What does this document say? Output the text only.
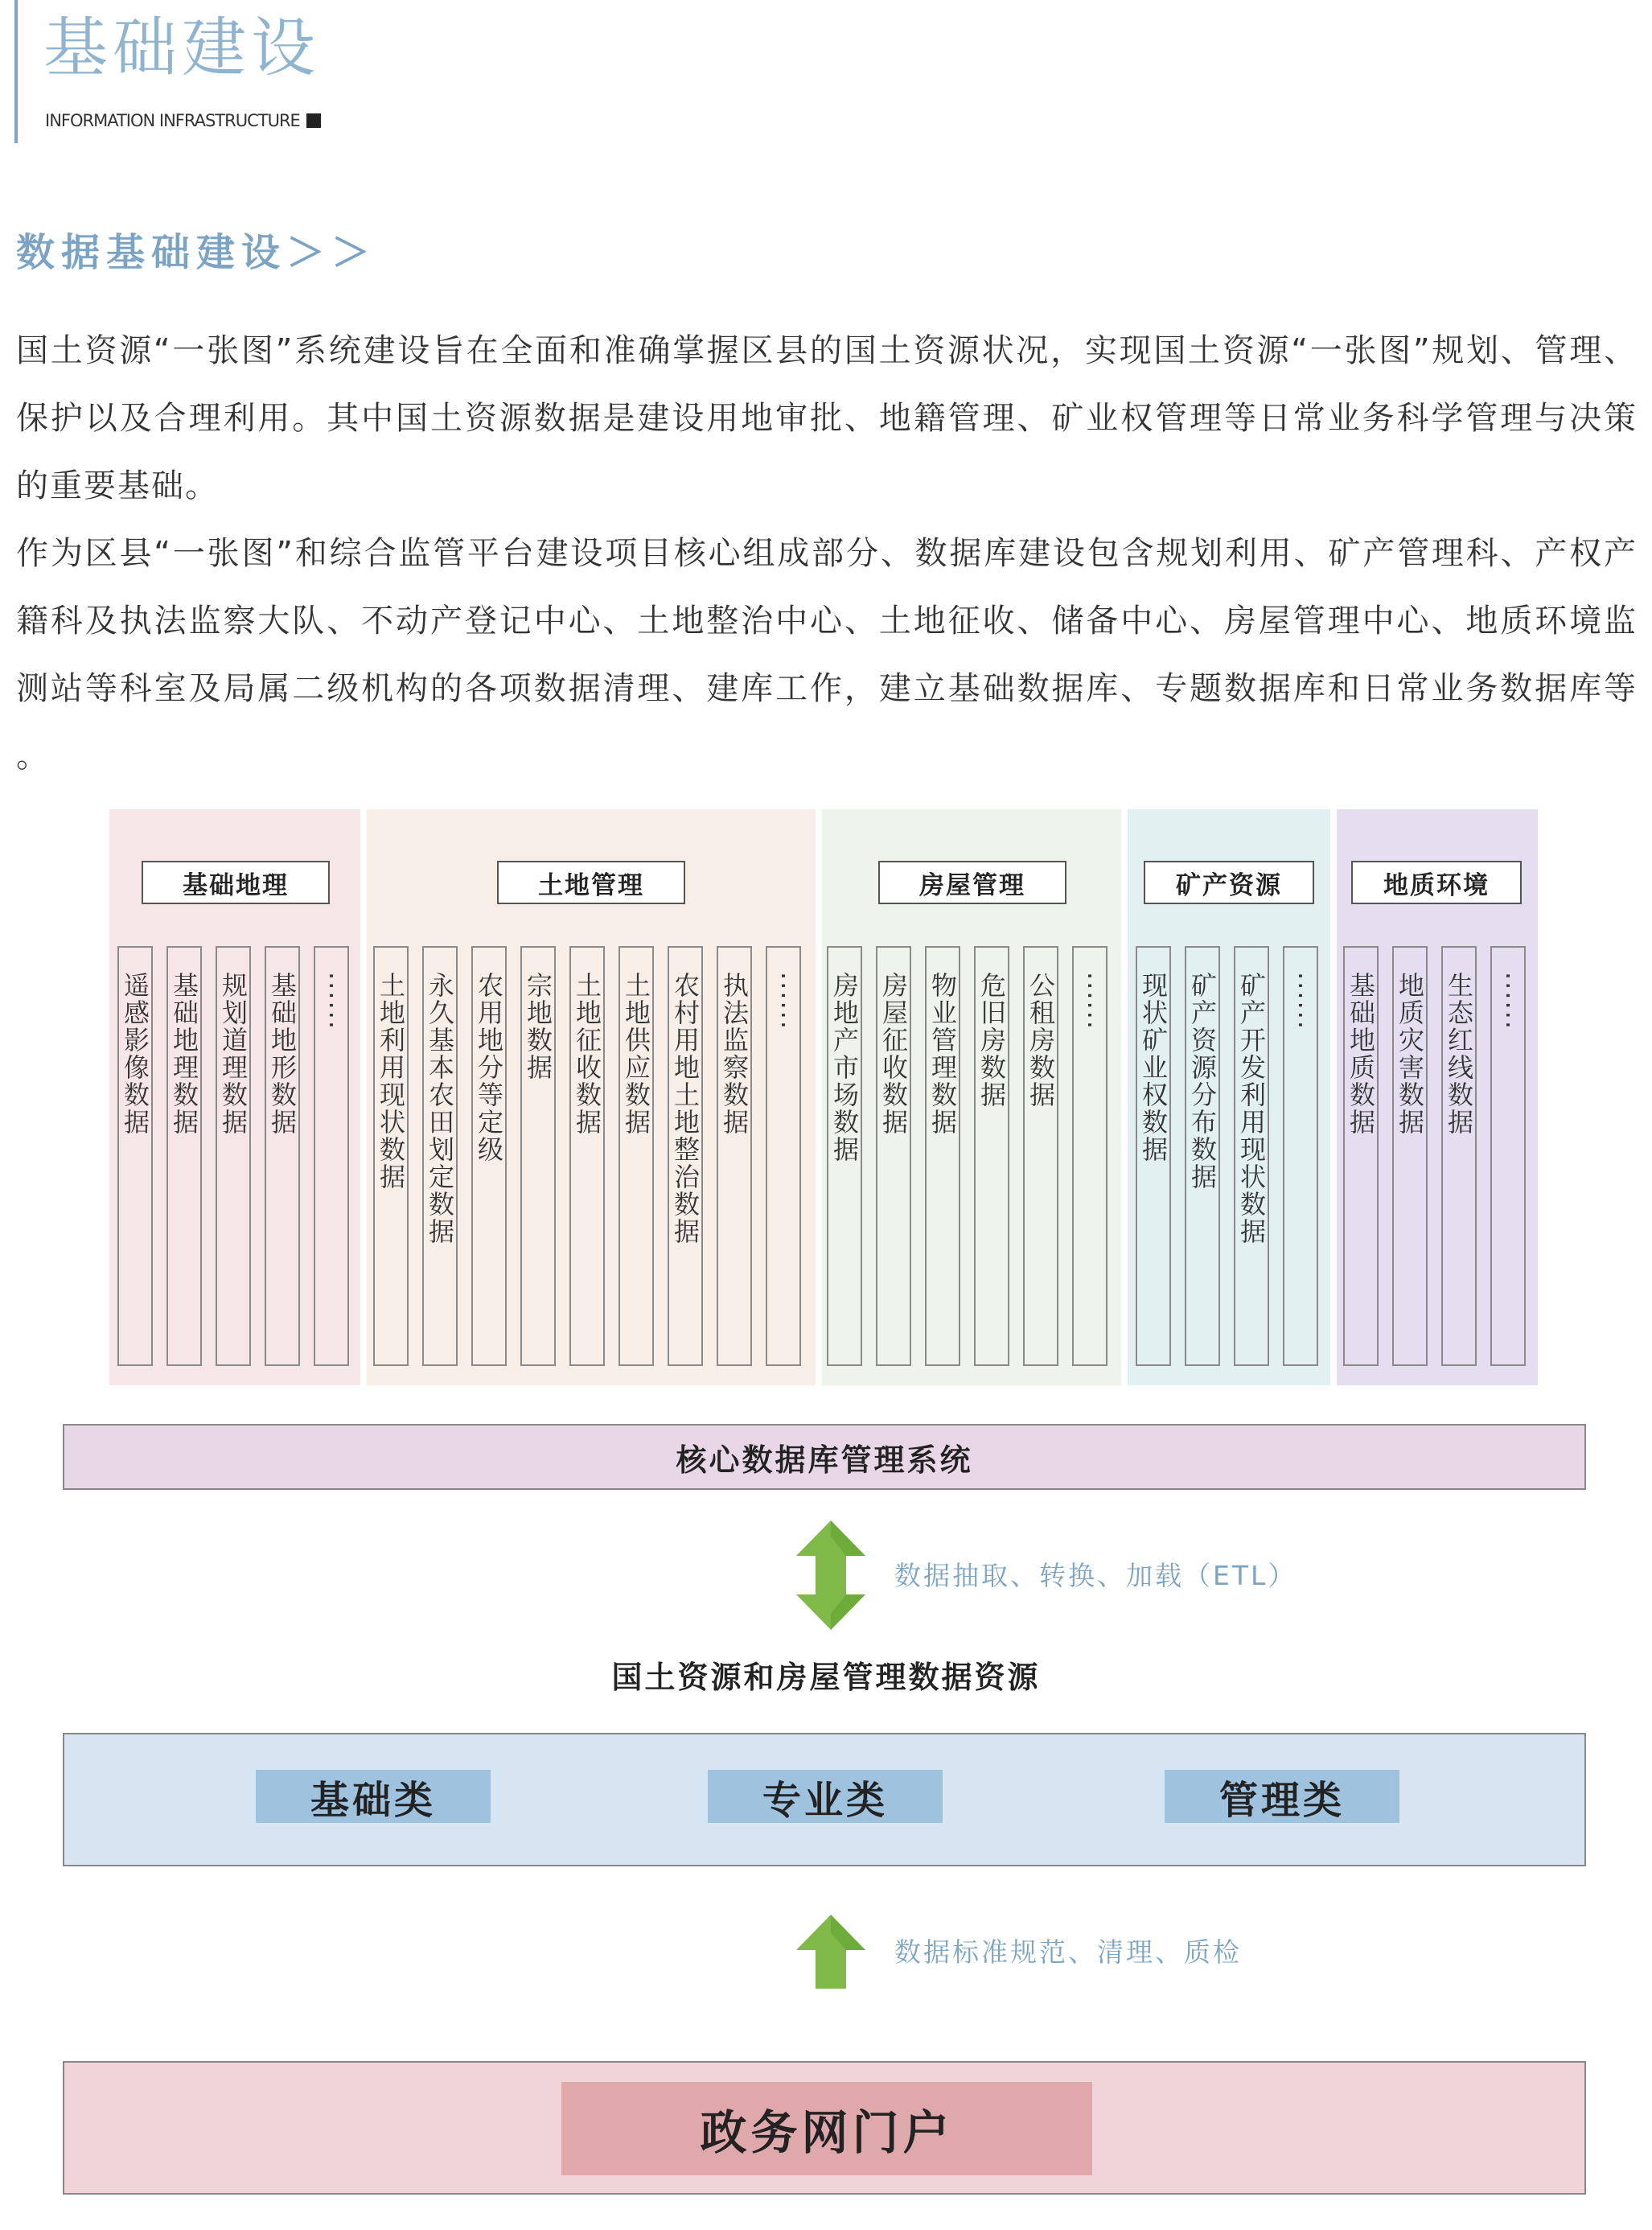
基础建设
INFORMATION INFRASTRUCTURE
数据基础建设＞＞
国土资源“一张图”系统建设旨在全面和准确掌握区县的国土资源状况，实现国土资源“一张图”规划、管理、
保护以及合理利用。其中国土资源数据是建设用地审批、地籍管理、矿业权管理等日常业务科学管理与决策
的重要基础。
作为区县“一张图”和综合监管平台建设项目核心组成部分、数据库建设包含规划利用、矿产管理科、产权产
籍科及执法监察大队、不动产登记中心、土地整治中心、土地征收、储备中心、房屋管理中心、地质环境监
测站等科室及局属二级机构的各项数据清理、建库工作，建立基础数据库、专题数据库和日常业务数据库等
。
基础地理
遥感影像数据 基础地理数据 规划道理数据 基础地形数据 ······
土地管理
土地利用现状数据 永久基本农田划定数据 农用地分等定级 宗地数据 土地征收数据 土地供应数据 农村用地土地整治数据 执法监察数据 ······
房屋管理
房地产市场数据 房屋征收数据 物业管理数据 危旧房数据 公租房数据 ······
矿产资源
现状矿业权数据 矿产资源分布数据 矿产开发利用现状数据 ······
地质环境
基础地质数据 地质灾害数据 生态红线数据 ······
核心数据库管理系统
数据抽取、转换、加载（ETL）
国土资源和房屋管理数据资源
基础类	专业类	管理类
数据标准规范、清理、质检
政务网门户
